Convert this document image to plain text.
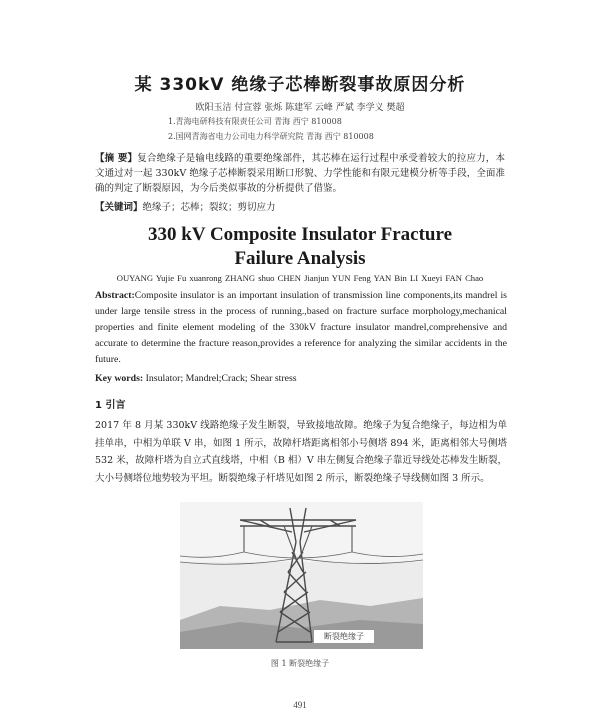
某 330kV 绝缘子芯棒断裂事故原因分析
欧阳玉洁 付宣蓉 张烁 陈建军 云峰 严斌 李学义 樊超
1.青海电研科技有限责任公司 青海 西宁 810008
2.国网青海省电力公司电力科学研究院 青海 西宁 810008
【摘 要】复合绝缘子是输电线路的重要绝缘部件，其芯棒在运行过程中承受着较大的拉应力，本文通过对一起 330kV 绝缘子芯棒断裂采用断口形貌、力学性能和有限元建模分析等手段，全面准确的判定了断裂原因，为今后类似事故的分析提供了借鉴。
【关键词】绝缘子；芯棒；裂纹；剪切应力
330 kV Composite Insulator Fracture
Failure Analysis
OUYANG Yujie Fu xuanrong ZHANG shuo CHEN Jianjun YUN Feng YAN Bin LI Xueyi FAN Chao
Abstract:Composite insulator is an important insulation of transmission line components,its mandrel is under large tensile stress in the process of running.,based on fracture surface morphology,mechanical properties and finite element modeling of the 330kV fracture insulator mandrel,comprehensive and accurate to determine the fracture reason,provides a reference for analyzing the similar accidents in the future.
Key words: Insulator; Mandrel;Crack; Shear stress
1 引言
2017 年 8 月某 330kV 线路绝缘子发生断裂，导致接地故障。绝缘子为复合绝缘子，每边相为单挂单串，中相为单联 V 串，如图 1 所示，故障杆塔距离相邻小号侧塔 894 米，距离相邻大号侧塔 532 米，故障杆塔为自立式直线塔，中相（B 相）V 串左侧复合绝缘子靠近导线处芯棒发生断裂，大小号侧塔位地势较为平坦。断裂绝缘子杆塔见如图 2 所示，断裂绝缘子导线侧如图 3 所示。
断裂绝缘子
图 1 断裂绝缘子
491
